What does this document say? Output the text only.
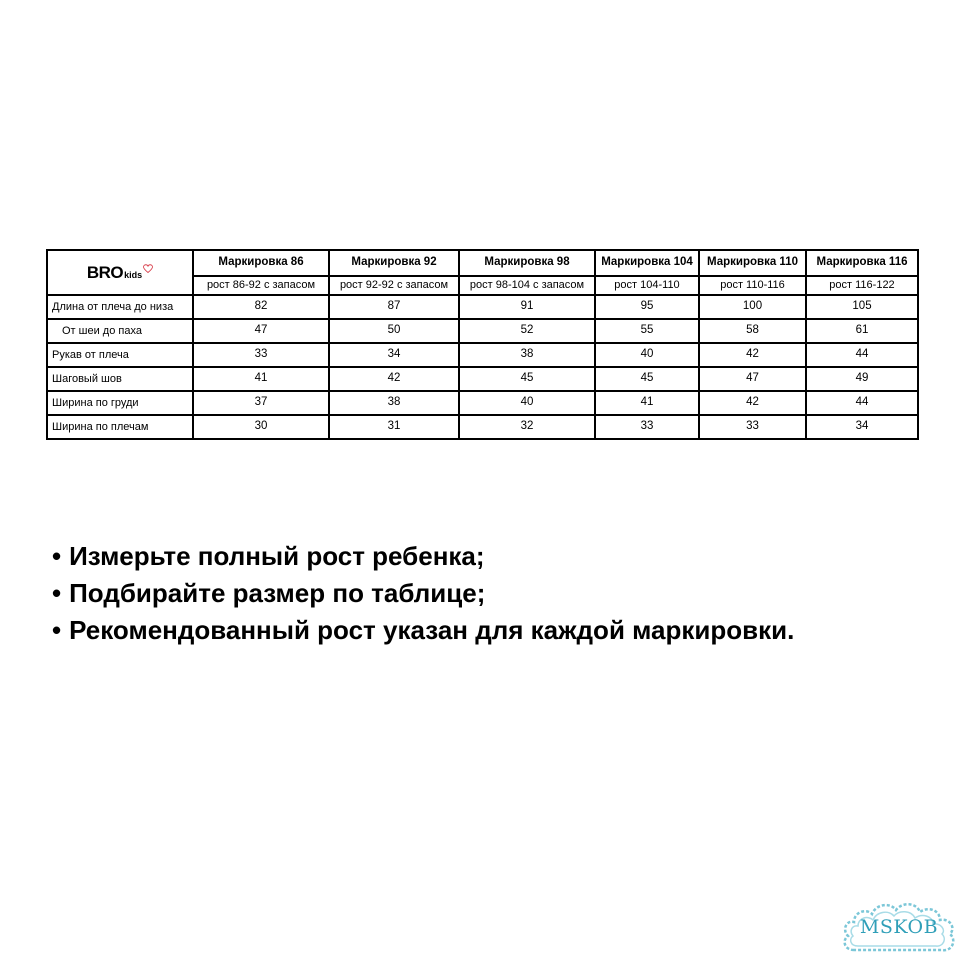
BRO kids	Маркировка 86	Маркировка 92	Маркировка 98	Маркировка 104	Маркировка 110	Маркировка 116
	рост 86-92 с запасом	рост 92-92 с запасом	рост 98-104 с запасом	рост 104-110	рост 110-116	рост 116-122
Длина от плеча до низа	82	87	91	95	100	105
От шеи до паха	47	50	52	55	58	61
Рукав от плеча	33	34	38	40	42	44
Шаговый шов	41	42	45	45	47	49
Ширина по груди	37	38	40	41	42	44
Ширина по плечам	30	31	32	33	33	34
• Измерьте полный рост ребенка;
• Подбирайте размер по таблице;
• Рекомендованный рост указан для каждой маркировки.
MSKOB
